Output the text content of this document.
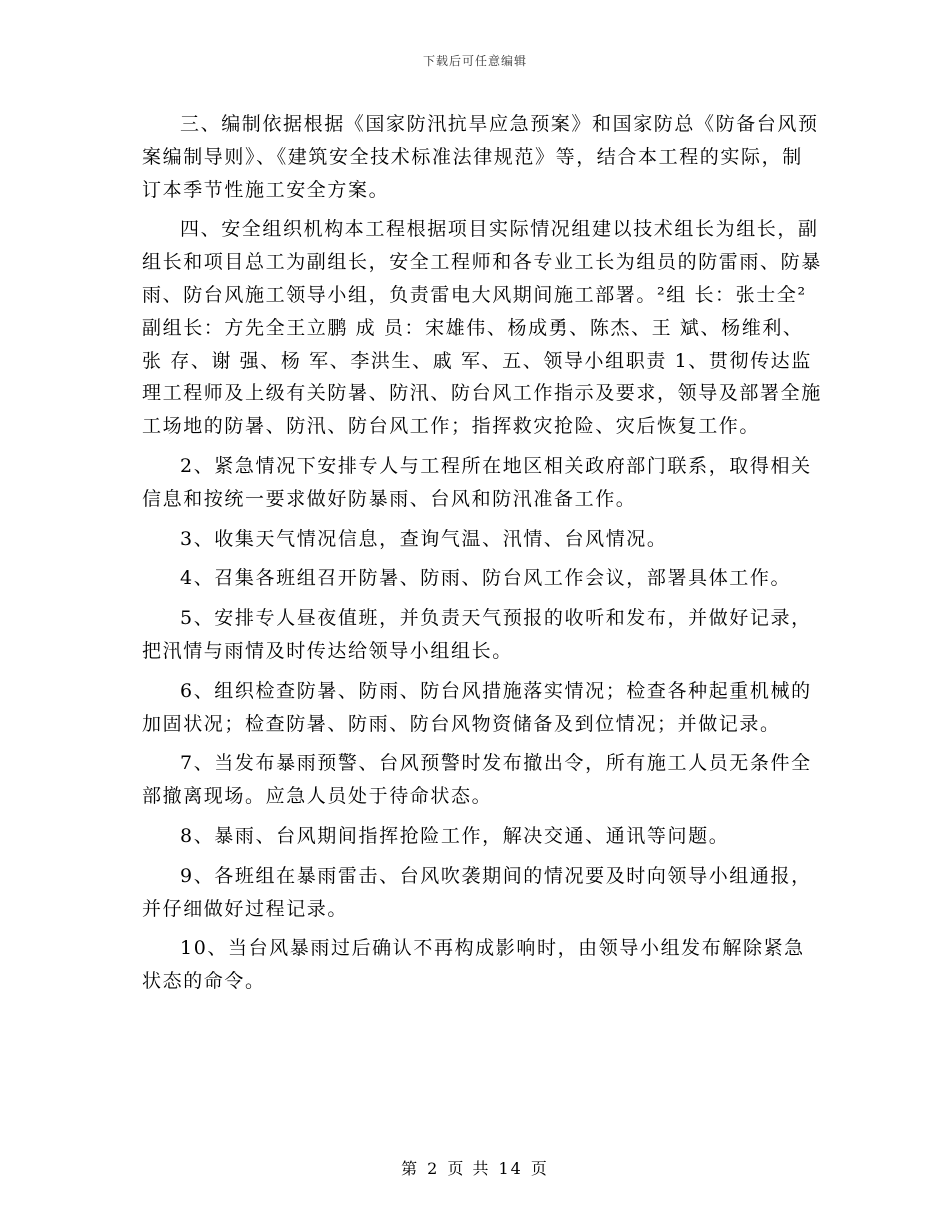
下载后可任意编辑

三、编制依据根据《国家防汛抗旱应急预案》和国家防总《防备台风预案编制导则》、《建筑安全技术标准法律规范》等，结合本工程的实际，制订本季节性施工安全方案。

四、安全组织机构本工程根据项目实际情况组建以技术组长为组长，副组长和项目总工为副组长，安全工程师和各专业工长为组员的防雷雨、防暴雨、防台风施工领导小组，负责雷电大风期间施工部署。²组 长：张士全²副组长：方先全王立鹏 成 员：宋雄伟、杨成勇、陈杰、王 斌、杨维利、张 存、谢 强、杨 军、李洪生、戚 军、五、领导小组职责 1、贯彻传达监理工程师及上级有关防暑、防汛、防台风工作指示及要求，领导及部署全施工场地的防暑、防汛、防台风工作；指挥救灾抢险、灾后恢复工作。

2、紧急情况下安排专人与工程所在地区相关政府部门联系，取得相关信息和按统一要求做好防暴雨、台风和防汛准备工作。

3、收集天气情况信息，查询气温、汛情、台风情况。

4、召集各班组召开防暑、防雨、防台风工作会议，部署具体工作。

5、安排专人昼夜值班，并负责天气预报的收听和发布，并做好记录，把汛情与雨情及时传达给领导小组组长。

6、组织检查防暑、防雨、防台风措施落实情况；检查各种起重机械的加固状况；检查防暑、防雨、防台风物资储备及到位情况；并做记录。

7、当发布暴雨预警、台风预警时发布撤出令，所有施工人员无条件全部撤离现场。应急人员处于待命状态。

8、暴雨、台风期间指挥抢险工作，解决交通、通讯等问题。

9、各班组在暴雨雷击、台风吹袭期间的情况要及时向领导小组通报，并仔细做好过程记录。

10、当台风暴雨过后确认不再构成影响时，由领导小组发布解除紧急状态的命令。

第 2 页 共 14 页
